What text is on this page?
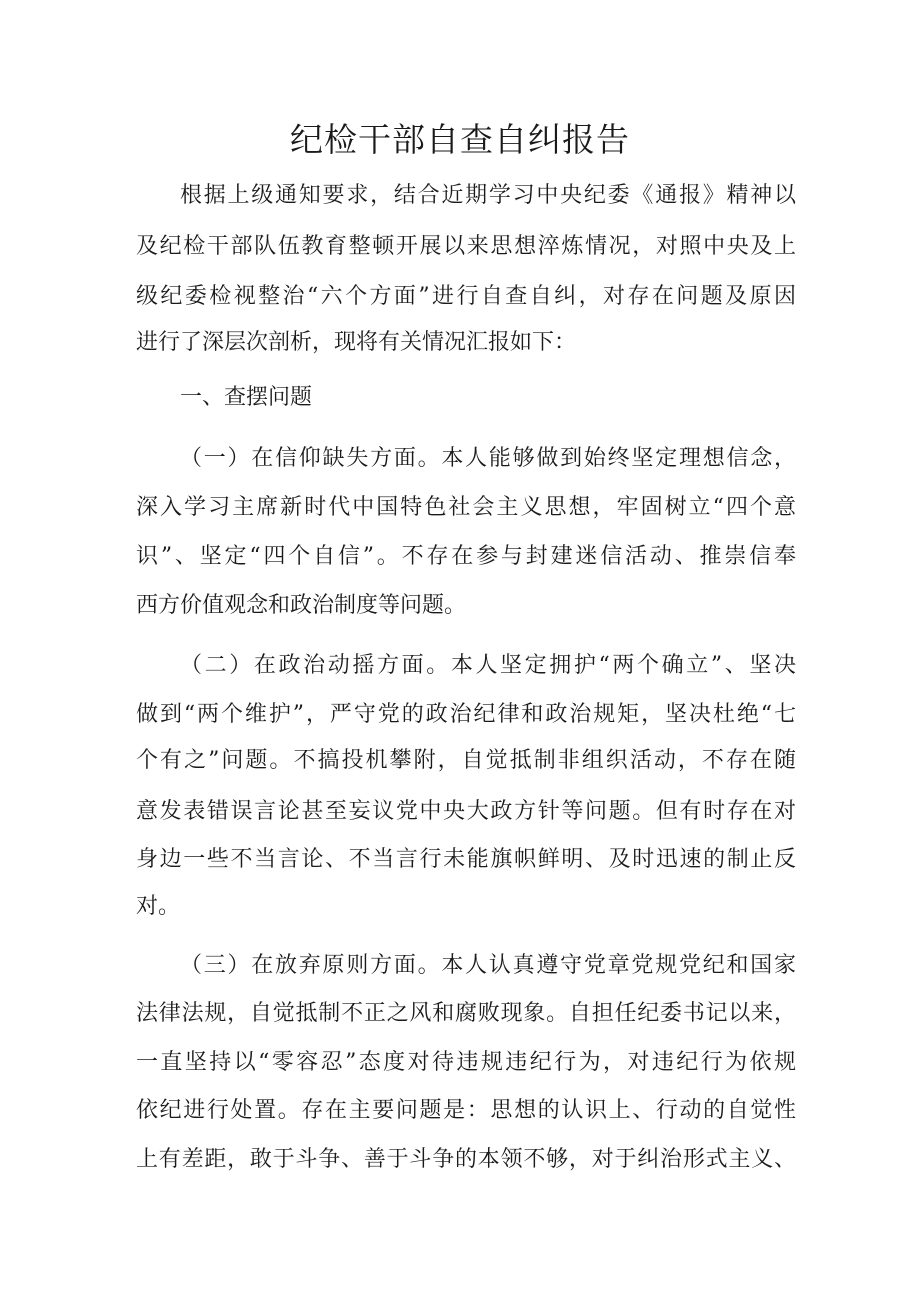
纪检干部自查自纠报告

根据上级通知要求，结合近期学习中央纪委《通报》精神以

及纪检干部队伍教育整顿开展以来思想淬炼情况，对照中央及上

级纪委检视整治“六个方面”进行自查自纠，对存在问题及原因

进行了深层次剖析，现将有关情况汇报如下：

一、查摆问题

（一）在信仰缺失方面。本人能够做到始终坚定理想信念，

深入学习主席新时代中国特色社会主义思想，牢固树立“四个意

识”、坚定“四个自信”。不存在参与封建迷信活动、推崇信奉

西方价值观念和政治制度等问题。

（二）在政治动摇方面。本人坚定拥护“两个确立”、坚决

做到“两个维护”，严守党的政治纪律和政治规矩，坚决杜绝“七

个有之”问题。不搞投机攀附，自觉抵制非组织活动，不存在随

意发表错误言论甚至妄议党中央大政方针等问题。但有时存在对

身边一些不当言论、不当言行未能旗帜鲜明、及时迅速的制止反

对。

（三）在放弃原则方面。本人认真遵守党章党规党纪和国家

法律法规，自觉抵制不正之风和腐败现象。自担任纪委书记以来，

一直坚持以“零容忍”态度对待违规违纪行为，对违纪行为依规

依纪进行处置。存在主要问题是：思想的认识上、行动的自觉性

上有差距，敢于斗争、善于斗争的本领不够，对于纠治形式主义、
